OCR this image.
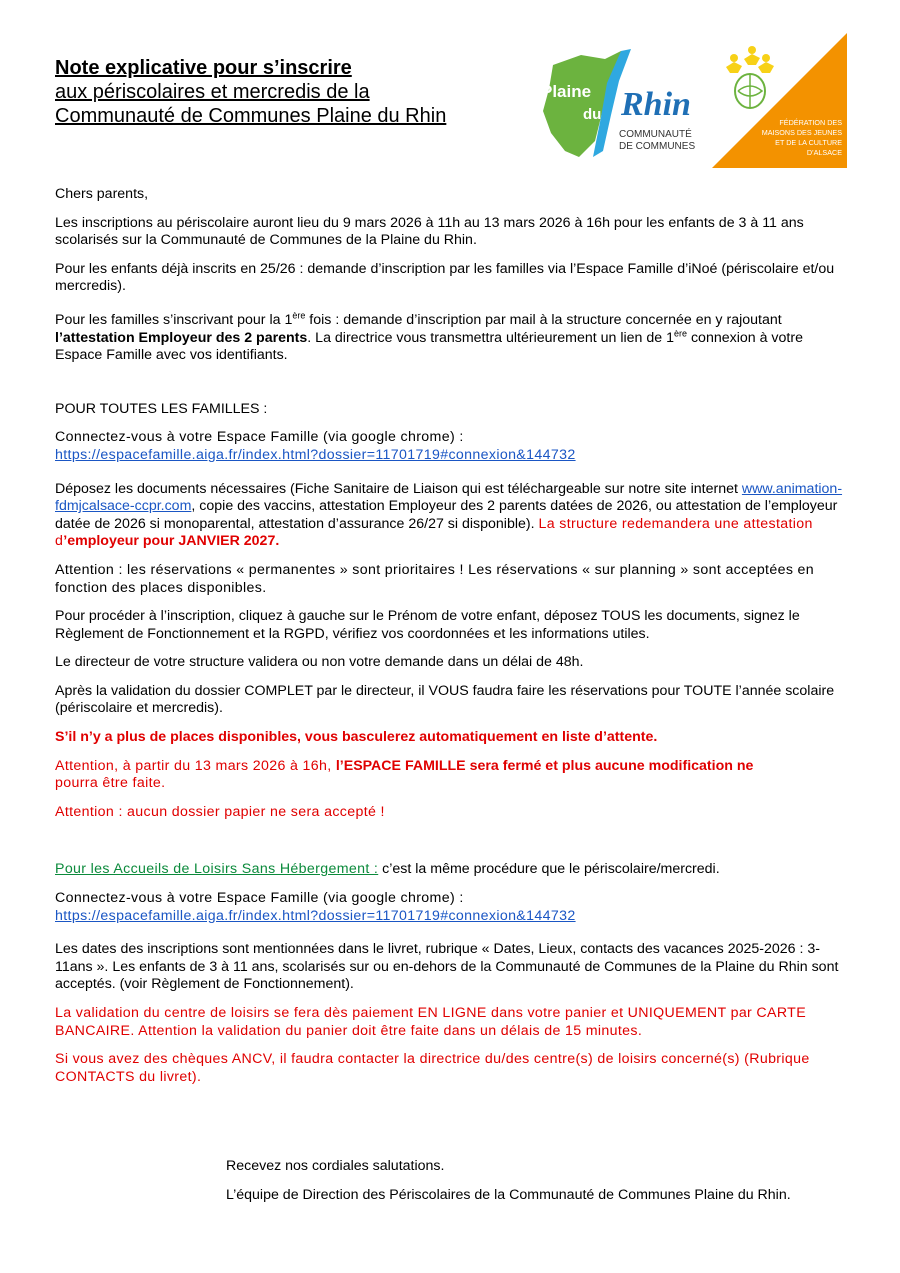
Note explicative pour s’inscrire
aux périscolaires et mercredis de la
Communauté de Communes Plaine du Rhin
Plaine
du Rhin
COMMUNAUTÉ
DE COMMUNES
FÉDÉRATION DES
MAISONS DES JEUNES
ET DE LA CULTURE
D’ALSACE

Chers parents,

Les inscriptions au périscolaire auront lieu du 9 mars 2026 à 11h au 13 mars 2026 à 16h pour les enfants de 3 à 11 ans scolarisés sur la Communauté de Communes de la Plaine du Rhin.

Pour les enfants déjà inscrits en 25/26 : demande d’inscription par les familles via l’Espace Famille d’iNoé (périscolaire et/ou mercredis).

Pour les familles s’inscrivant pour la 1ère fois : demande d’inscription par mail à la structure concernée en y rajoutant l’attestation Employeur des 2 parents. La directrice vous transmettra ultérieurement un lien de 1ère connexion à votre Espace Famille avec vos identifiants.

POUR TOUTES LES FAMILLES :

Connectez-vous à votre Espace Famille (via google chrome) :

https://espacefamille.aiga.fr/index.html?dossier=11701719#connexion&144732

Déposez les documents nécessaires (Fiche Sanitaire de Liaison qui est téléchargeable sur notre site internet www.animation-fdmjcalsace-ccpr.com, copie des vaccins, attestation Employeur des 2 parents datées de 2026, ou attestation de l’employeur datée de 2026 si monoparental, attestation d’assurance 26/27 si disponible). La structure redemandera une attestation d’employeur pour JANVIER 2027.

Attention : les réservations « permanentes » sont prioritaires ! Les réservations « sur planning » sont acceptées en fonction des places disponibles.

Pour procéder à l’inscription, cliquez à gauche sur le Prénom de votre enfant, déposez TOUS les documents, signez le Règlement de Fonctionnement et la RGPD, vérifiez vos coordonnées et les informations utiles.

Le directeur de votre structure validera ou non votre demande dans un délai de 48h.

Après la validation du dossier COMPLET par le directeur, il VOUS faudra faire les réservations pour TOUTE l’année scolaire (périscolaire et mercredis).

S’il n’y a plus de places disponibles, vous basculerez automatiquement en liste d’attente.

Attention, à partir du 13 mars 2026 à 16h, l’ESPACE FAMILLE sera fermé et plus aucune modification ne
pourra être faite.

Attention : aucun dossier papier ne sera accepté !

Pour les Accueils de Loisirs Sans Hébergement : c’est la même procédure que le périscolaire/mercredi.

Connectez-vous à votre Espace Famille (via google chrome) :

https://espacefamille.aiga.fr/index.html?dossier=11701719#connexion&144732

Les dates des inscriptions sont mentionnées dans le livret, rubrique « Dates, Lieux, contacts des vacances 2025-2026 : 3-11ans ». Les enfants de 3 à 11 ans, scolarisés sur ou en-dehors de la Communauté de Communes de la Plaine du Rhin sont acceptés. (voir Règlement de Fonctionnement).

La validation du centre de loisirs se fera dès paiement EN LIGNE dans votre panier et UNIQUEMENT par CARTE BANCAIRE. Attention la validation du panier doit être faite dans un délais de 15 minutes.

Si vous avez des chèques ANCV, il faudra contacter la directrice du/des centre(s) de loisirs concerné(s) (Rubrique CONTACTS du livret).

Recevez nos cordiales salutations.

L’équipe de Direction des Périscolaires de la Communauté de Communes Plaine du Rhin.
